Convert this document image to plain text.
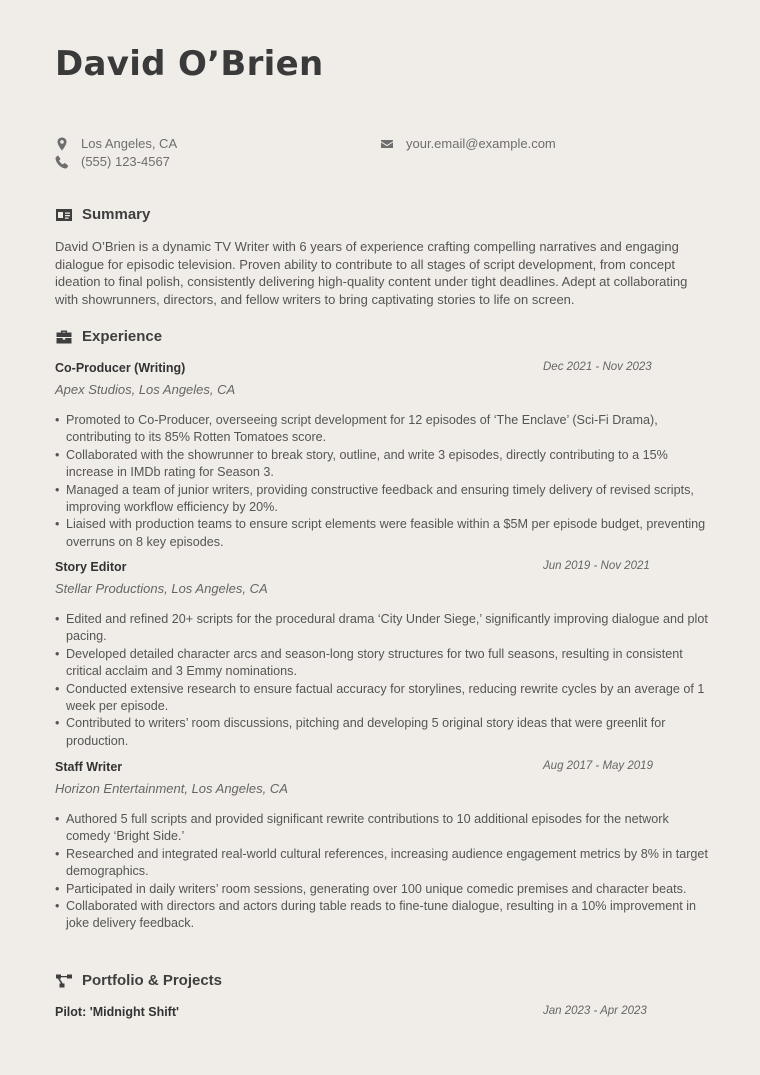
David O’Brien
Los Angeles, CA
(555) 123-4567
your.email@example.com
Summary

David O’Brien is a dynamic TV Writer with 6 years of experience crafting compelling narratives and engaging dialogue for episodic television. Proven ability to contribute to all stages of script development, from concept ideation to final polish, consistently delivering high-quality content under tight deadlines. Adept at collaborating with showrunners, directors, and fellow writers to bring captivating stories to life on screen.

Experience
Co-Producer (Writing)	Dec 2021 - Nov 2023
Apex Studios, Los Angeles, CA
• Promoted to Co-Producer, overseeing script development for 12 episodes of ‘The Enclave’ (Sci-Fi Drama), contributing to its 85% Rotten Tomatoes score.
• Collaborated with the showrunner to break story, outline, and write 3 episodes, directly contributing to a 15% increase in IMDb rating for Season 3.
• Managed a team of junior writers, providing constructive feedback and ensuring timely delivery of revised scripts, improving workflow efficiency by 20%.
• Liaised with production teams to ensure script elements were feasible within a $5M per episode budget, preventing overruns on 8 key episodes.
Story Editor	Jun 2019 - Nov 2021
Stellar Productions, Los Angeles, CA
• Edited and refined 20+ scripts for the procedural drama ‘City Under Siege,’ significantly improving dialogue and plot pacing.
• Developed detailed character arcs and season-long story structures for two full seasons, resulting in consistent critical acclaim and 3 Emmy nominations.
• Conducted extensive research to ensure factual accuracy for storylines, reducing rewrite cycles by an average of 1 week per episode.
• Contributed to writers’ room discussions, pitching and developing 5 original story ideas that were greenlit for production.
Staff Writer	Aug 2017 - May 2019
Horizon Entertainment, Los Angeles, CA
• Authored 5 full scripts and provided significant rewrite contributions to 10 additional episodes for the network comedy ‘Bright Side.’
• Researched and integrated real-world cultural references, increasing audience engagement metrics by 8% in target demographics.
• Participated in daily writers’ room sessions, generating over 100 unique comedic premises and character beats.
• Collaborated with directors and actors during table reads to fine-tune dialogue, resulting in a 10% improvement in joke delivery feedback.
Portfolio & Projects
Pilot: 'Midnight Shift'	Jan 2023 - Apr 2023
